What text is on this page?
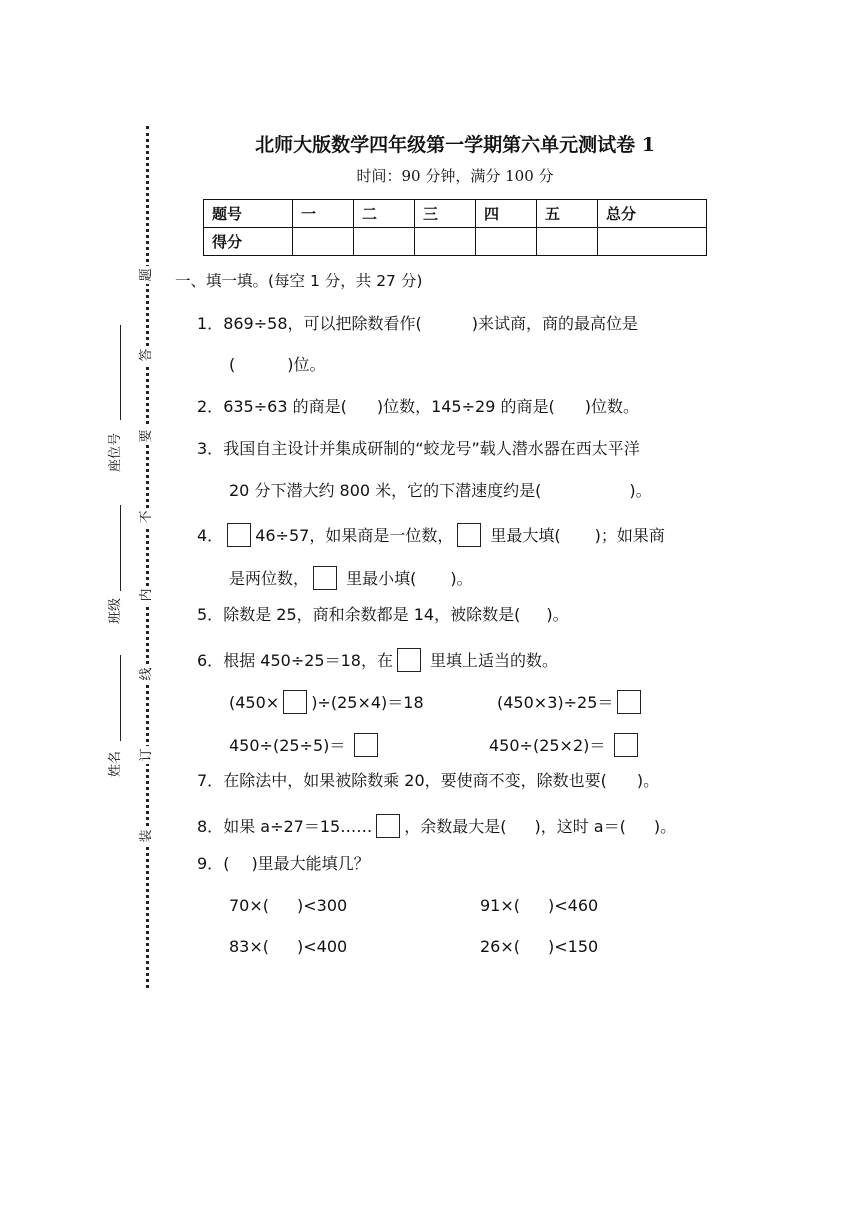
题
答
要
不
内
线
订
装
座位号
班级
姓名
北师大版数学四年级第一学期第六单元测试卷 1
时间：90 分钟，满分 100 分
题号	一	二	三	四	五	总分
得分						
一、填一填。(每空 1 分，共 27 分)
1．869÷58，可以把除数看作(	)来试商，商的最高位是
(	)位。
2．635÷63 的商是( )位数，145÷29 的商是( )位数。
3．我国自主设计并集成研制的“蛟龙号”载人潜水器在西太平洋
20 分下潜大约 800 米，它的下潜速度约是(	)。
4． 46÷57，如果商是一位数， 里最大填( )；如果商
是两位数， 里最小填( )。
5．除数是 25，商和余数都是 14，被除数是( )。
6．根据 450÷25＝18，在 里填上适当的数。
(450× )÷(25×4)＝18	(450×3)÷25＝
450÷(25÷5)＝	450÷(25×2)＝
7．在除法中，如果被除数乘 20，要使商不变，除数也要( )。
8．如果 a÷27＝15…… ，余数最大是( )，这时 a＝( )。
9．( )里最大能填几？
70×( )<300	91×( )<460
83×( )<400	26×( )<150
